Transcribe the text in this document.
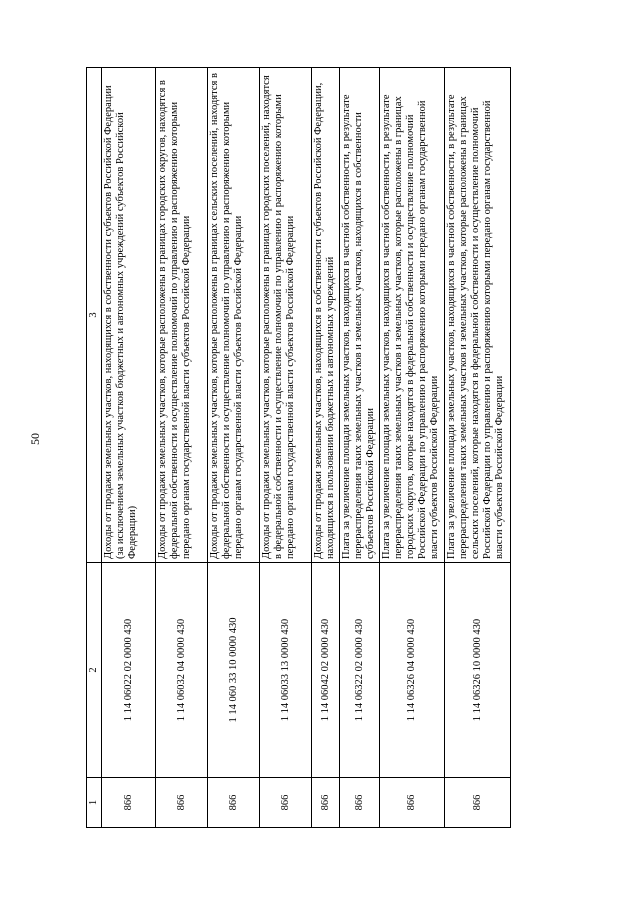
50
1	2	3
866	1 14 06022 02 0000 430	Доходы от продажи земельных участков, находящихся в собственности субъектов Российской Федерации (за исключением земельных участков бюджетных и автономных учреждений субъектов Российской Федерации)
866	1 14 06032 04 0000 430	Доходы от продажи земельных участков, которые расположены в границах городских округов, находятся в федеральной собственности и осуществление полномочий по управлению и распоряжению которыми передано органам государственной власти субъектов Российской Федерации
866	1 14 060 33 10 0000 430	Доходы от продажи земельных участков, которые расположены в границах сельских поселений, находятся в федеральной собственности и осуществление полномочий по управлению и распоряжению которыми передано органам государственной власти субъектов Российской Федерации
866	1 14 06033 13 0000 430	Доходы от продажи земельных участков, которые расположены в границах городских поселений, находятся в федеральной собственности и осуществление полномочий по управлению и распоряжению которыми передано органам государственной власти субъектов Российской Федерации
866	1 14 06042 02 0000 430	Доходы от продажи земельных участков, находящихся в собственности субъектов Российской Федерации, находящихся в пользовании бюджетных и автономных учреждений
866	1 14 06322 02 0000 430	Плата за увеличение площади земельных участков, находящихся в частной собственности, в результате перераспределения таких земельных участков и земельных участков, находящихся в собственности субъектов Российской Федерации
866	1 14 06326 04 0000 430	Плата за увеличение площади земельных участков, находящихся в частной собственности, в результате перераспределения таких земельных участков и земельных участков, которые расположены в границах городских округов, которые находятся в федеральной собственности и осуществление полномочий Российской Федерации по управлению и распоряжению которыми передано органам государственной власти субъектов Российской Федерации
866	1 14 06326 10 0000 430	Плата за увеличение площади земельных участков, находящихся в частной собственности, в результате перераспределения таких земельных участков и земельных участков, которые расположены в границах сельских поселений, которые находятся в федеральной собственности и осуществление полномочий Российской Федерации по управлению и распоряжению которыми передано органам государственной власти субъектов Российской Федерации
